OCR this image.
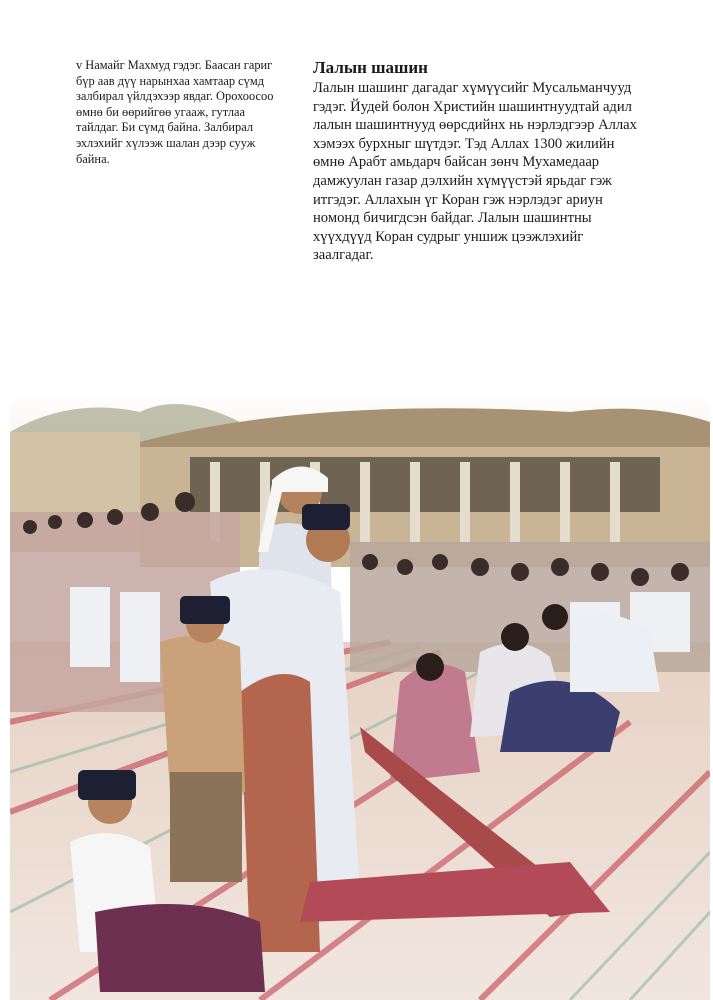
v Намайг Махмуд гэдэг. Баасан гариг бүр аав дүү нарынхаа хамтаар сүмд залбирал үйлдэхээр явдаг. Орохоосоо өмнө би өөрийгөө угааж, гутлаа тайлдаг. Би сүмд байна. Залбирал эхлэхийг хүлээж шалан дээр сууж байна.

Лалын шашин

Лалын шашинг дагадаг хүмүүсийг Мусальманчууд гэдэг. Йудей болон Христийн шашинтнуудтай адил лалын шашинтнууд өөрсдийнх нь нэрлэдгээр Аллах хэмээх бурхныг шүтдэг. Тэд Аллах 1300 жилийн өмнө Арабт амьдарч байсан зөнч Мухамедаар дамжуулан газар дэлхийн хүмүүстэй ярьдаг гэж итгэдэг. Аллахын үг Коран гэж нэрлэдэг ариун номонд бичигдсэн байдаг. Лалын шашинтны хүүхдүүд Коран судрыг уншиж цээжлэхийг заалгадаг.
